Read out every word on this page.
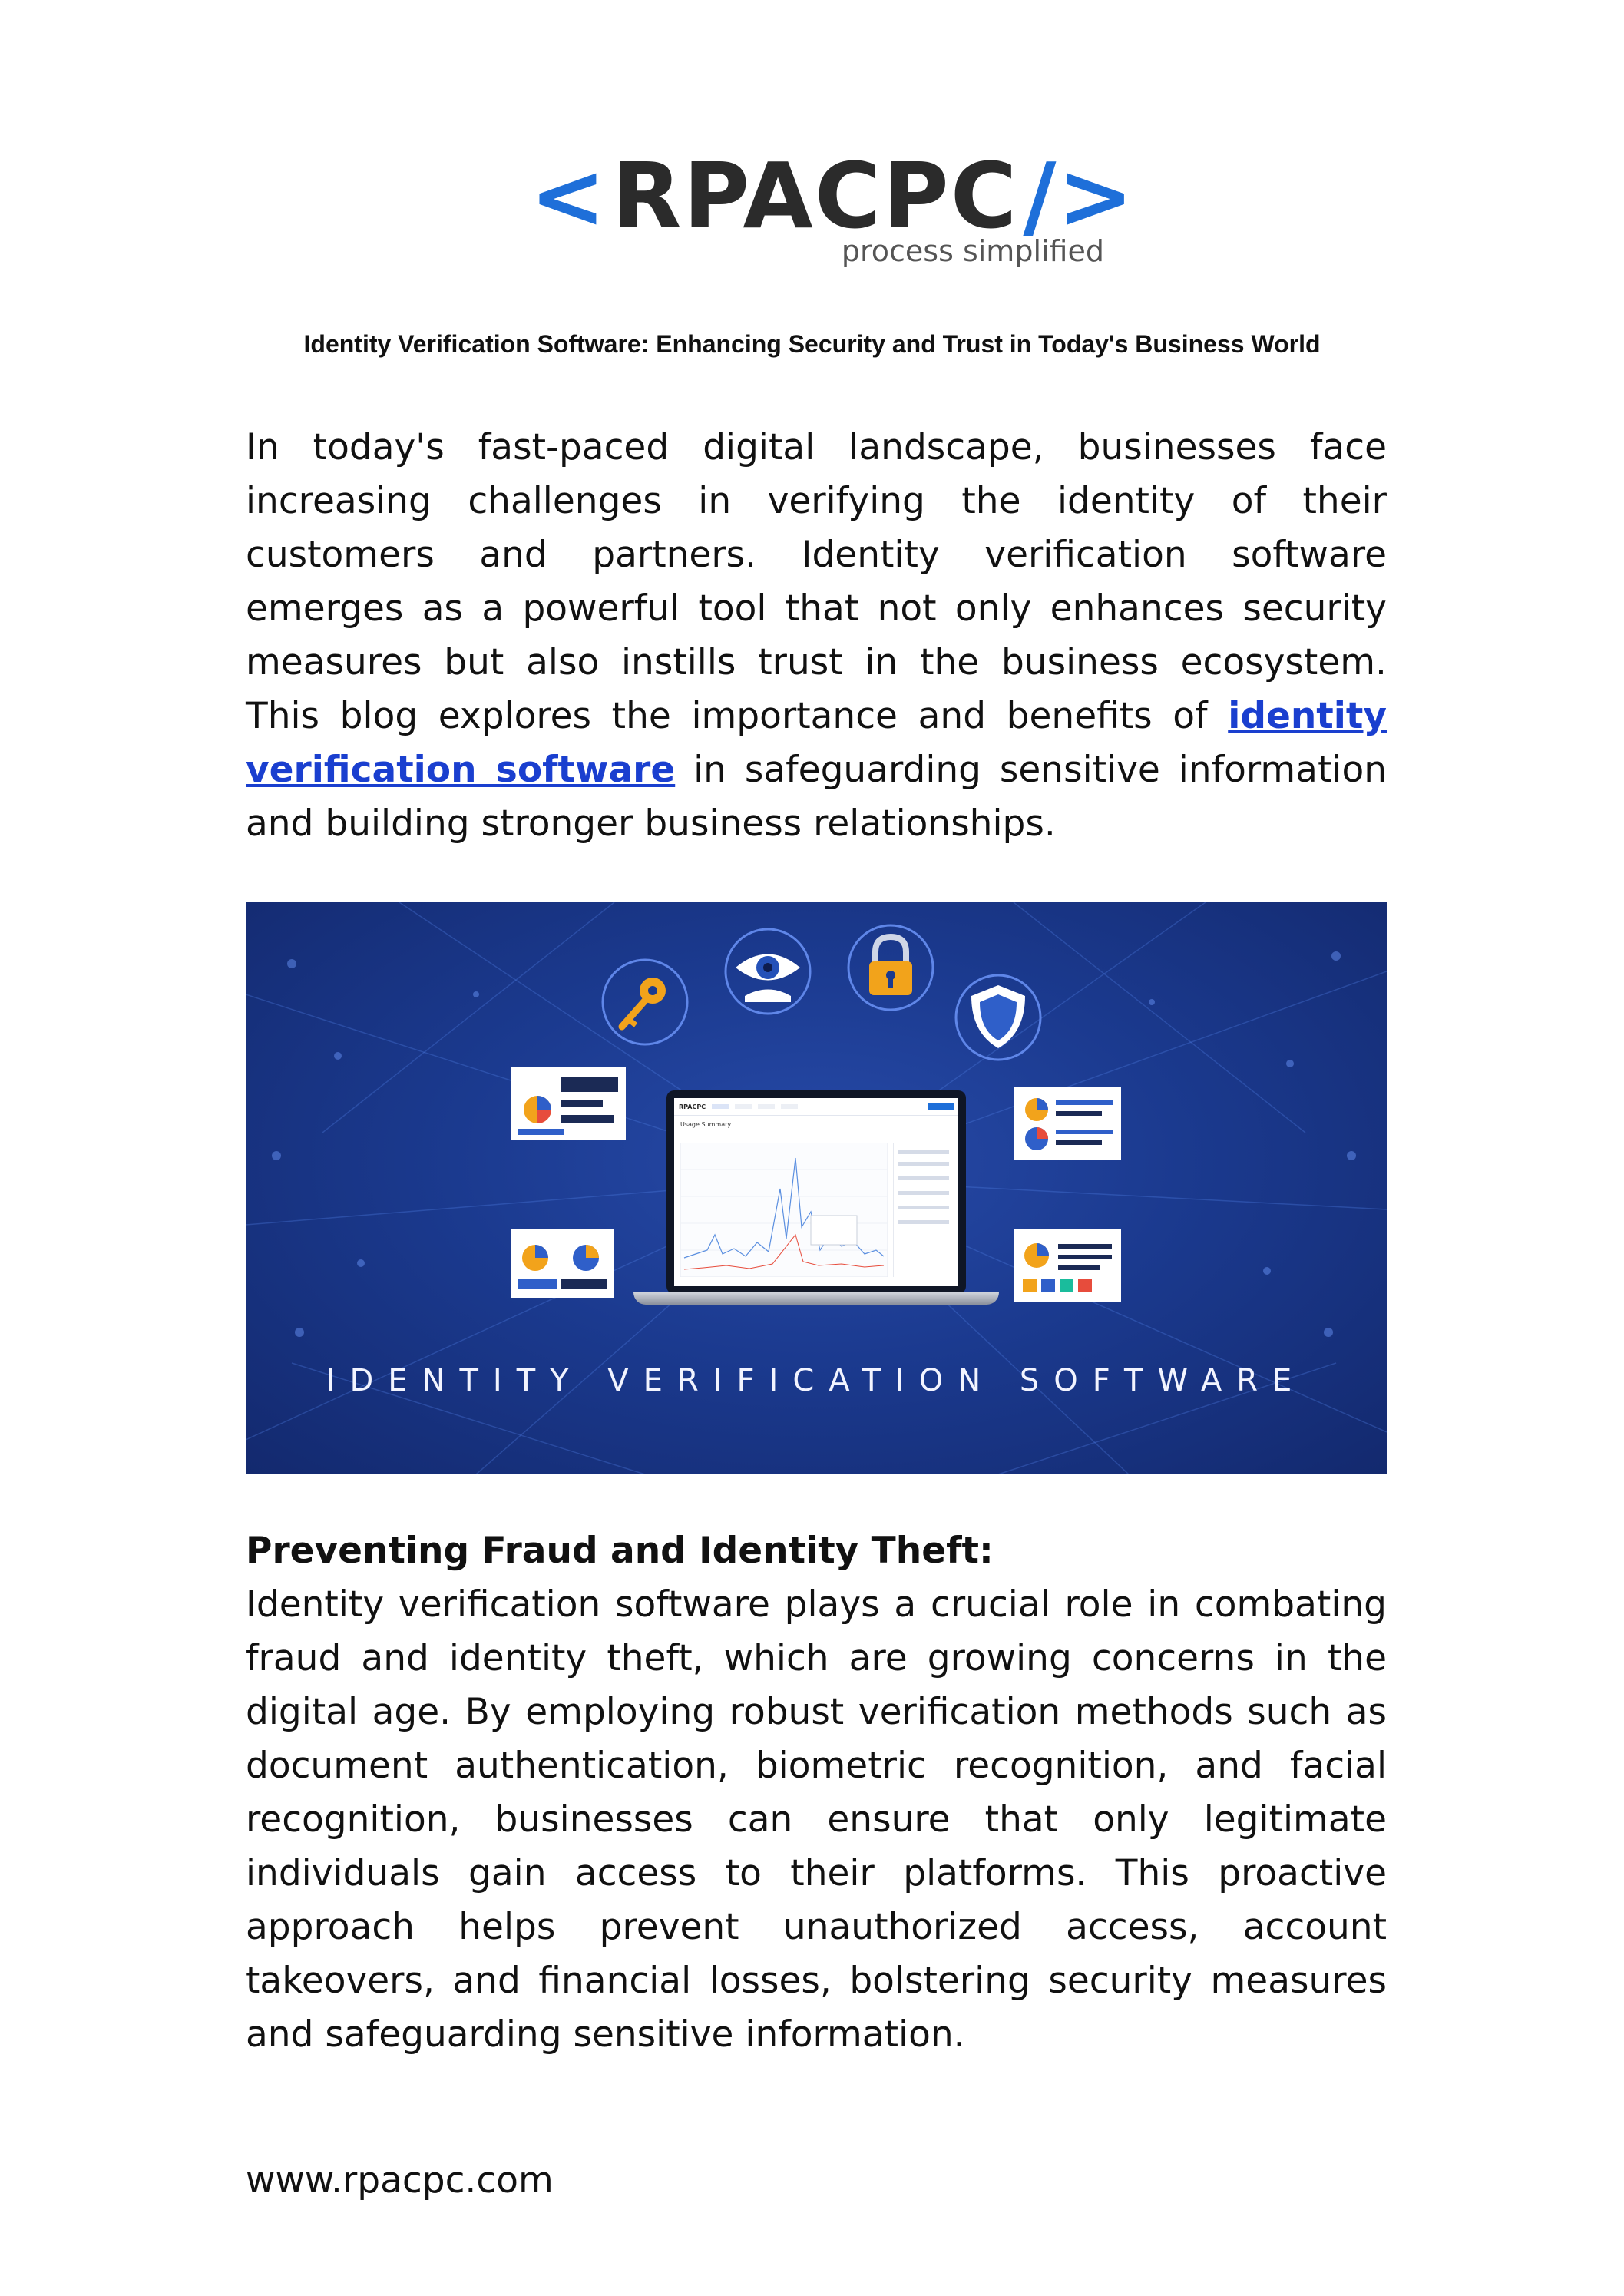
< RPACPC />
process simplified
Identity Verification Software: Enhancing Security and Trust in Today's Business World

In today's fast-paced digital landscape, businesses face increasing challenges in verifying the identity of their customers and partners. Identity verification software emerges as a powerful tool that not only enhances security measures but also instills trust in the business ecosystem. This blog explores the importance and benefits of identity verification software in safeguarding sensitive information and building stronger business relationships.

RPACPC
Usage Summary
IDENTITY VERIFICATION SOFTWARE
Preventing Fraud and Identity Theft:

Identity verification software plays a crucial role in combating fraud and identity theft, which are growing concerns in the digital age. By employing robust verification methods such as document authentication, biometric recognition, and facial recognition, businesses can ensure that only legitimate individuals gain access to their platforms. This proactive approach helps prevent unauthorized access, account takeovers, and financial losses, bolstering security measures and safeguarding sensitive information.

www.rpacpc.com
